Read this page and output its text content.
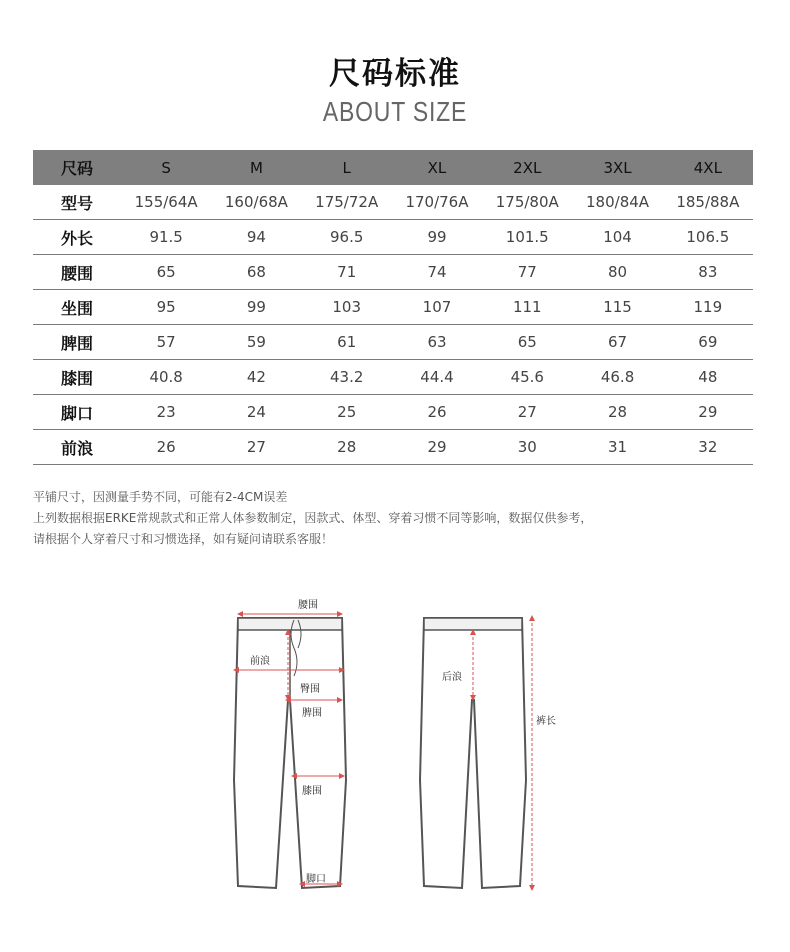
尺码标准
ABOUT SIZE
尺码	S	M	L	XL	2XL	3XL	4XL
型号	155/64A	160/68A	175/72A	170/76A	175/80A	180/84A	185/88A
外长	91.5	94	96.5	99	101.5	104	106.5
腰围	65	68	71	74	77	80	83
坐围	95	99	103	107	111	115	119
脾围	57	59	61	63	65	67	69
膝围	40.8	42	43.2	44.4	45.6	46.8	48
脚口	23	24	25	26	27	28	29
前浪	26	27	28	29	30	31	32
平铺尺寸，因测量手势不同，可能有2-4CM误差
上列数据根据ERKE常规款式和正常人体参数制定，因款式、体型、穿着习惯不同等影响，数据仅供参考，
请根据个人穿着尺寸和习惯选择，如有疑问请联系客服！
腰围
前浪
臀围
脾围
膝围
脚口
后浪
裤长
